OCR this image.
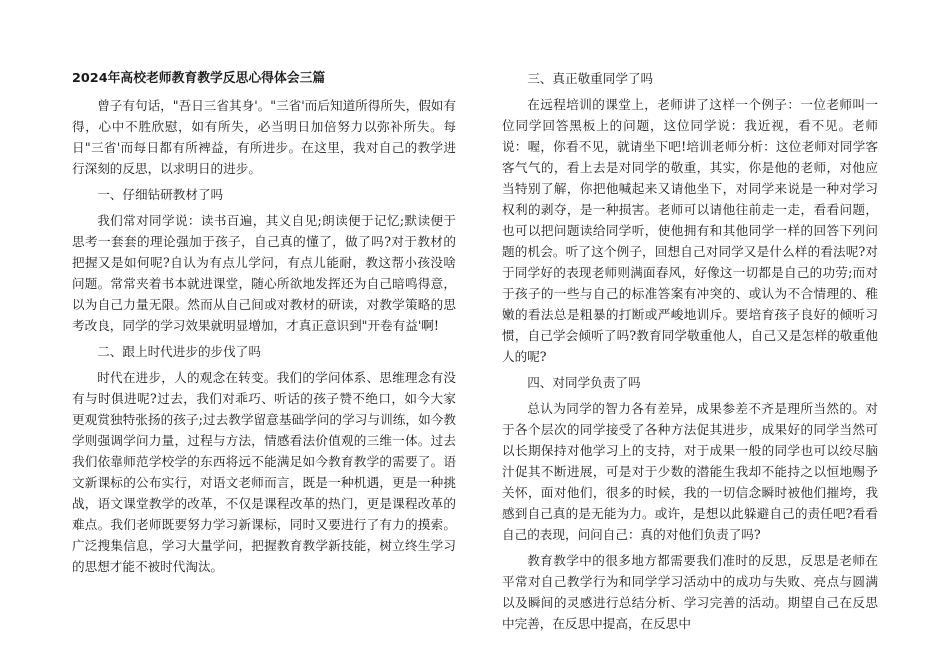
2024年高校老师教育教学反思心得体会三篇

曾子有句话，"吾日三省其身'。"三省'而后知道所得所失，假如有得，心中不胜欣慰，如有所失，必当明日加倍努力以弥补所失。每日"三省'而每日都有所裨益，有所进步。在这里，我对自己的教学进行深刻的反思，以求明日的进步。

一、仔细钻研教材了吗

我们常对同学说：读书百遍，其义自见;朗读便于记忆;默读便于思考一套套的理论强加于孩子，自己真的懂了，做了吗?对于教材的把握又是如何呢?自认为有点儿学问，有点儿能耐，教这帮小孩没啥问题。常常夹着书本就进课堂，随心所欲地发挥还为自己暗鸣得意，以为自己力量无限。然而从自己间或对教材的研读，对教学策略的思考改良，同学的学习效果就明显增加，才真正意识到"开卷有益'啊!

二、跟上时代进步的步伐了吗

时代在进步，人的观念在转变。我们的学问体系、思维理念有没有与时俱进呢?过去，我们对乖巧、听话的孩子赞不绝口，如今大家更观赏独特张扬的孩子;过去教学留意基础学问的学习与训练，如今教学则强调学问力量，过程与方法，情感看法价值观的三维一体。过去我们依靠师范学校学的东西将远不能满足如今教育教学的需要了。语文新课标的公布实行，对语文老师而言，既是一种机遇，更是一种挑战，语文课堂教学的改革，不仅是课程改革的热门，更是课程改革的难点。我们老师既要努力学习新课标，同时又要进行了有力的摸索。广泛搜集信息，学习大量学问，把握教育教学新技能，树立终生学习的思想才能不被时代淘汰。

三、真正敬重同学了吗

在远程培训的课堂上，老师讲了这样一个例子：一位老师叫一位同学回答黑板上的问题，这位同学说：我近视，看不见。老师说：喔，你看不见，就请坐下吧!培训老师分析：这位老师对同学客客气气的，看上去是对同学的敬重，其实，你是他的老师，对他应当特别了解，你把他喊起来又请他坐下，对同学来说是一种对学习权利的剥夺，是一种损害。老师可以请他往前走一走，看看问题，也可以把问题读给同学听，使他拥有和其他同学一样的回答下列问题的机会。听了这个例子，回想自己对同学又是什么样的看法呢?对于同学好的表现老师则满面春风，好像这一切都是自己的功劳;而对于孩子的一些与自己的标准答案有冲突的、或认为不合情理的、稚嫩的看法总是粗暴的打断或严峻地训斥。要培育孩子良好的倾听习惯，自己学会倾听了吗?教育同学敬重他人，自己又是怎样的敬重他人的呢?

四、对同学负责了吗

总认为同学的智力各有差异，成果参差不齐是理所当然的。对于各个层次的同学接受了各种方法促其进步，成果好的同学当然可以长期保持对他学习上的支持，对于成果一般的同学也可以绞尽脑汁促其不断进展，可是对于少数的潜能生我却不能持之以恒地赐予关怀，面对他们，很多的时候，我的一切信念瞬时被他们摧垮，我感到自己真的是无能为力。或许，是想以此躲避自己的责任吧?看看自己的表现，问问自己：真的对他们负责了吗?

教育教学中的很多地方都需要我们准时的反思，反思是老师在平常对自己教学行为和同学学习活动中的成功与失败、亮点与圆满以及瞬间的灵感进行总结分析、学习完善的活动。期望自己在反思中完善，在反思中提高，在反思中
